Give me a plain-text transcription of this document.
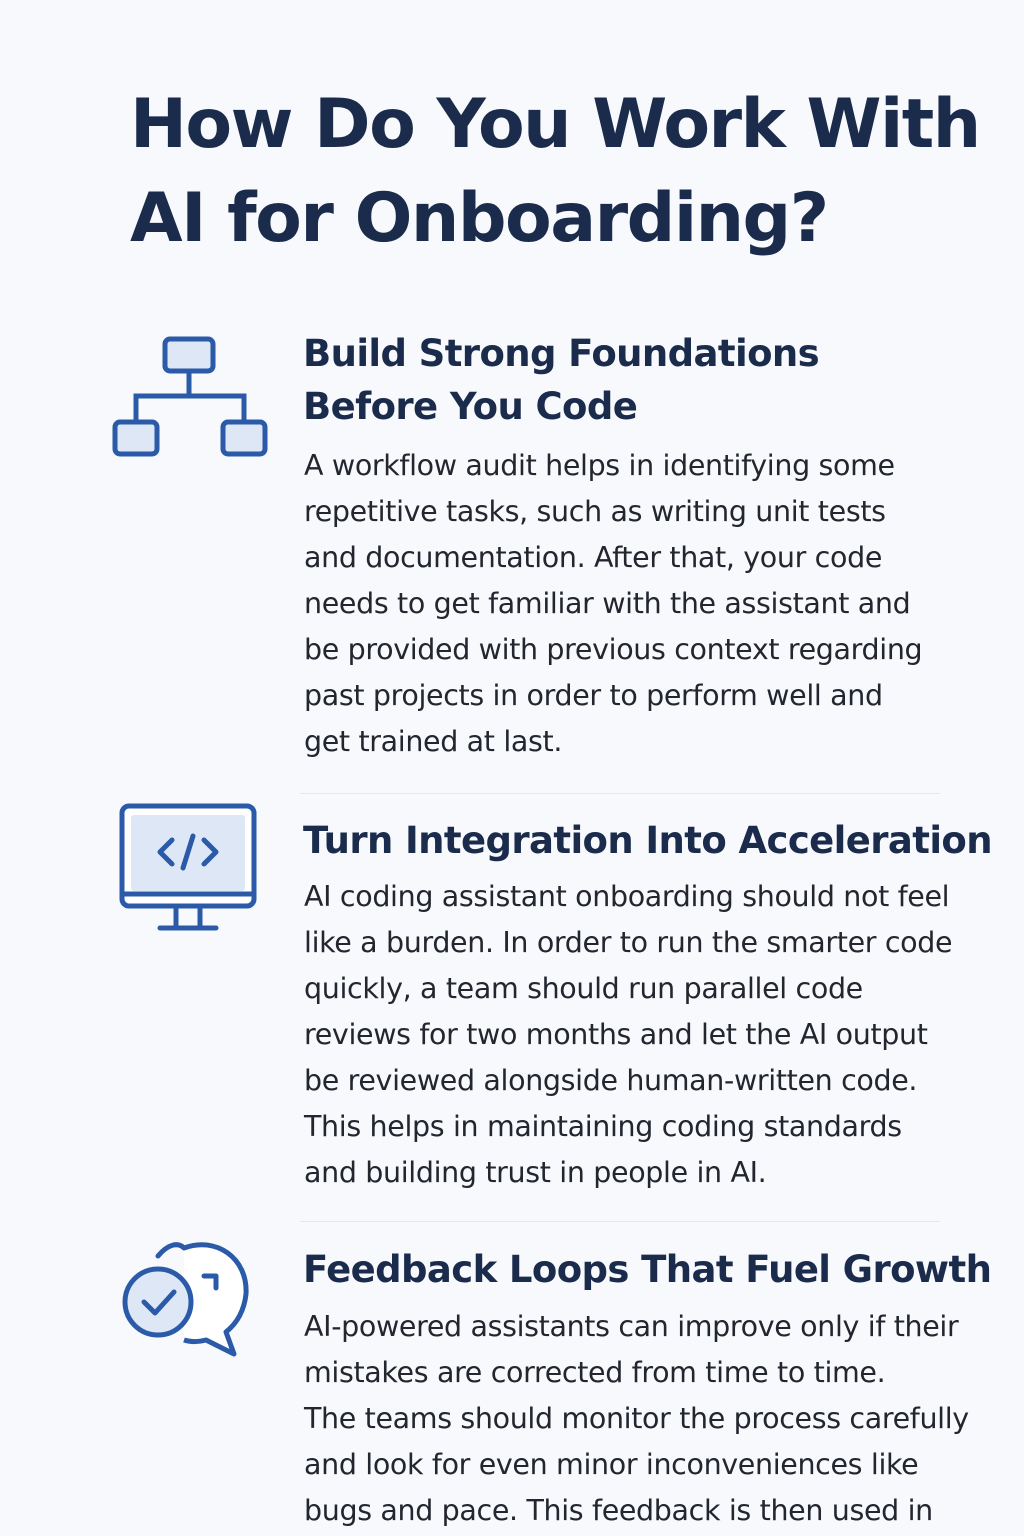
How Do You Work With
AI for Onboarding?
Build Strong Foundations
Before You Code

A workflow audit helps in identifying some
repetitive tasks, such as writing unit tests
and documentation. After that, your code
needs to get familiar with the assistant and
be provided with previous context regarding
past projects in order to perform well and
get trained at last.

Turn Integration Into Acceleration

AI coding assistant onboarding should not feel
like a burden. In order to run the smarter code
quickly, a team should run parallel code
reviews for two months and let the AI output
be reviewed alongside human-written code.
This helps in maintaining coding standards
and building trust in people in AI.

Feedback Loops That Fuel Growth

AI-powered assistants can improve only if their
mistakes are corrected from time to time.
The teams should monitor the process carefully
and look for even minor inconveniences like
bugs and pace. This feedback is then used in
